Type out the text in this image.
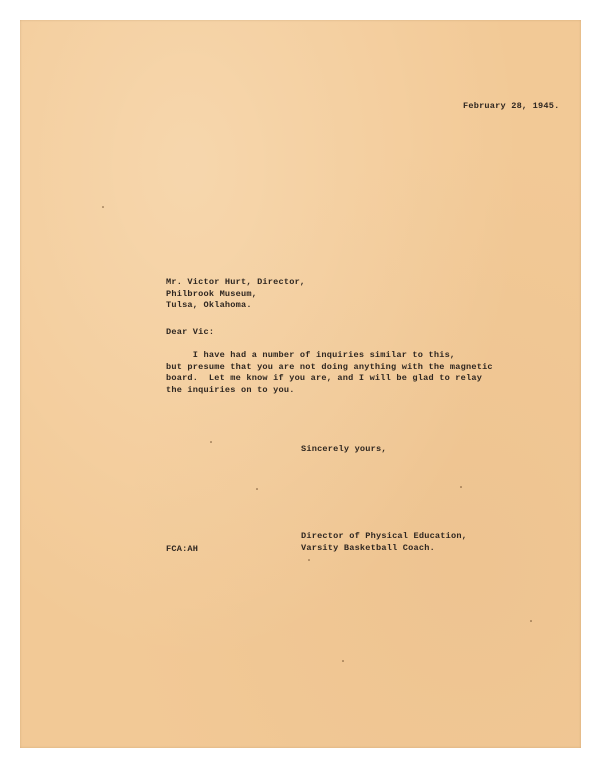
February 28, 1945.
Mr. Victor Hurt, Director,
Philbrook Museum,
Tulsa, Oklahoma.
Dear Vic:
I have had a number of inquiries similar to this,
but presume that you are not doing anything with the magnetic
board.  Let me know if you are, and I will be glad to relay
the inquiries on to you.
Sincerely yours,
Director of Physical Education,
Varsity Basketball Coach.
FCA:AH
